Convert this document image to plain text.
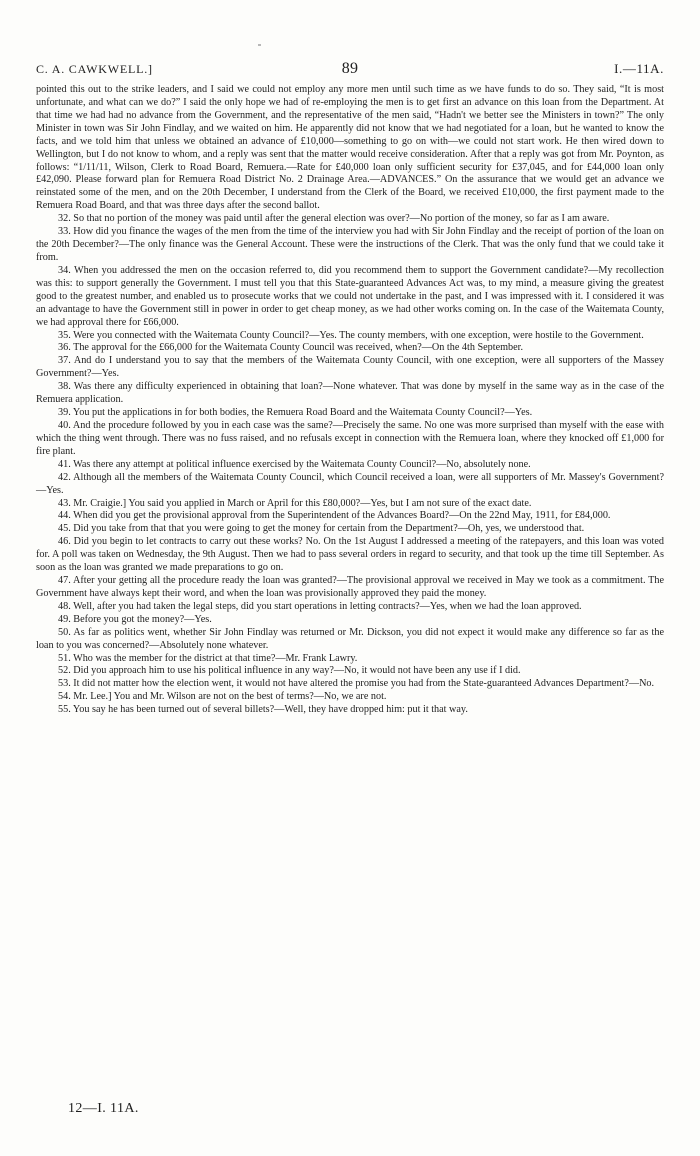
C. A. CAWKWELL.]	89	I.—11A.

pointed this out to the strike leaders, and I said we could not employ any more men until such time as we have funds to do so. They said, “It is most unfortunate, and what can we do?” I said the only hope we had of re-employing the men is to get first an advance on this loan from the Department. At that time we had had no advance from the Government, and the representative of the men said, “Hadn't we better see the Ministers in town?” The only Minister in town was Sir John Findlay, and we waited on him. He apparently did not know that we had negotiated for a loan, but he wanted to know the facts, and we told him that unless we obtained an advance of £10,000—something to go on with—we could not start work. He then wired down to Wellington, but I do not know to whom, and a reply was sent that the matter would receive consideration. After that a reply was got from Mr. Poynton, as follows: “1/11/11, Wilson, Clerk to Road Board, Remuera.—Rate for £40,000 loan only sufficient security for £37,045, and for £44,000 loan only £42,090. Please forward plan for Remuera Road District No. 2 Drainage Area.—ADVANCES.” On the assurance that we would get an advance we reinstated some of the men, and on the 20th December, I understand from the Clerk of the Board, we received £10,000, the first payment made to the Remuera Road Board, and that was three days after the second ballot.

32. So that no portion of the money was paid until after the general election was over?—No portion of the money, so far as I am aware.

33. How did you finance the wages of the men from the time of the interview you had with Sir John Findlay and the receipt of portion of the loan on the 20th December?—The only finance was the General Account. These were the instructions of the Clerk. That was the only fund that we could take it from.

34. When you addressed the men on the occasion referred to, did you recommend them to support the Government candidate?—My recollection was this: to support generally the Government. I must tell you that this State-guaranteed Advances Act was, to my mind, a measure giving the greatest good to the greatest number, and enabled us to prosecute works that we could not undertake in the past, and I was impressed with it. I considered it was an advantage to have the Government still in power in order to get cheap money, as we had other works coming on. In the case of the Waitemata County, we had approval there for £66,000.

35. Were you connected with the Waitemata County Council?—Yes. The county members, with one exception, were hostile to the Government.

36. The approval for the £66,000 for the Waitemata County Council was received, when?—On the 4th September.

37. And do I understand you to say that the members of the Waitemata County Council, with one exception, were all supporters of the Massey Government?—Yes.

38. Was there any difficulty experienced in obtaining that loan?—None whatever. That was done by myself in the same way as in the case of the Remuera application.

39. You put the applications in for both bodies, the Remuera Road Board and the Waitemata County Council?—Yes.

40. And the procedure followed by you in each case was the same?—Precisely the same. No one was more surprised than myself with the ease with which the thing went through. There was no fuss raised, and no refusals except in connection with the Remuera loan, where they knocked off £1,000 for fire plant.

41. Was there any attempt at political influence exercised by the Waitemata County Council?—No, absolutely none.

42. Although all the members of the Waitemata County Council, which Council received a loan, were all supporters of Mr. Massey's Government?—Yes.

43. Mr. Craigie.] You said you applied in March or April for this £80,000?—Yes, but I am not sure of the exact date.

44. When did you get the provisional approval from the Superintendent of the Advances Board?—On the 22nd May, 1911, for £84,000.

45. Did you take from that that you were going to get the money for certain from the Department?—Oh, yes, we understood that.

46. Did you begin to let contracts to carry out these works? No. On the 1st August I addressed a meeting of the ratepayers, and this loan was voted for. A poll was taken on Wednesday, the 9th August. Then we had to pass several orders in regard to security, and that took up the time till September. As soon as the loan was granted we made preparations to go on.

47. After your getting all the procedure ready the loan was granted?—The provisional approval we received in May we took as a commitment. The Government have always kept their word, and when the loan was provisionally approved they paid the money.

48. Well, after you had taken the legal steps, did you start operations in letting contracts?—Yes, when we had the loan approved.

49. Before you got the money?—Yes.

50. As far as politics went, whether Sir John Findlay was returned or Mr. Dickson, you did not expect it would make any difference so far as the loan to you was concerned?—Absolutely none whatever.

51. Who was the member for the district at that time?—Mr. Frank Lawry.

52. Did you approach him to use his political influence in any way?—No, it would not have been any use if I did.

53. It did not matter how the election went, it would not have altered the promise you had from the State-guaranteed Advances Department?—No.

54. Mr. Lee.] You and Mr. Wilson are not on the best of terms?—No, we are not.

55. You say he has been turned out of several billets?—Well, they have dropped him: put it that way.

12—I. 11A.
